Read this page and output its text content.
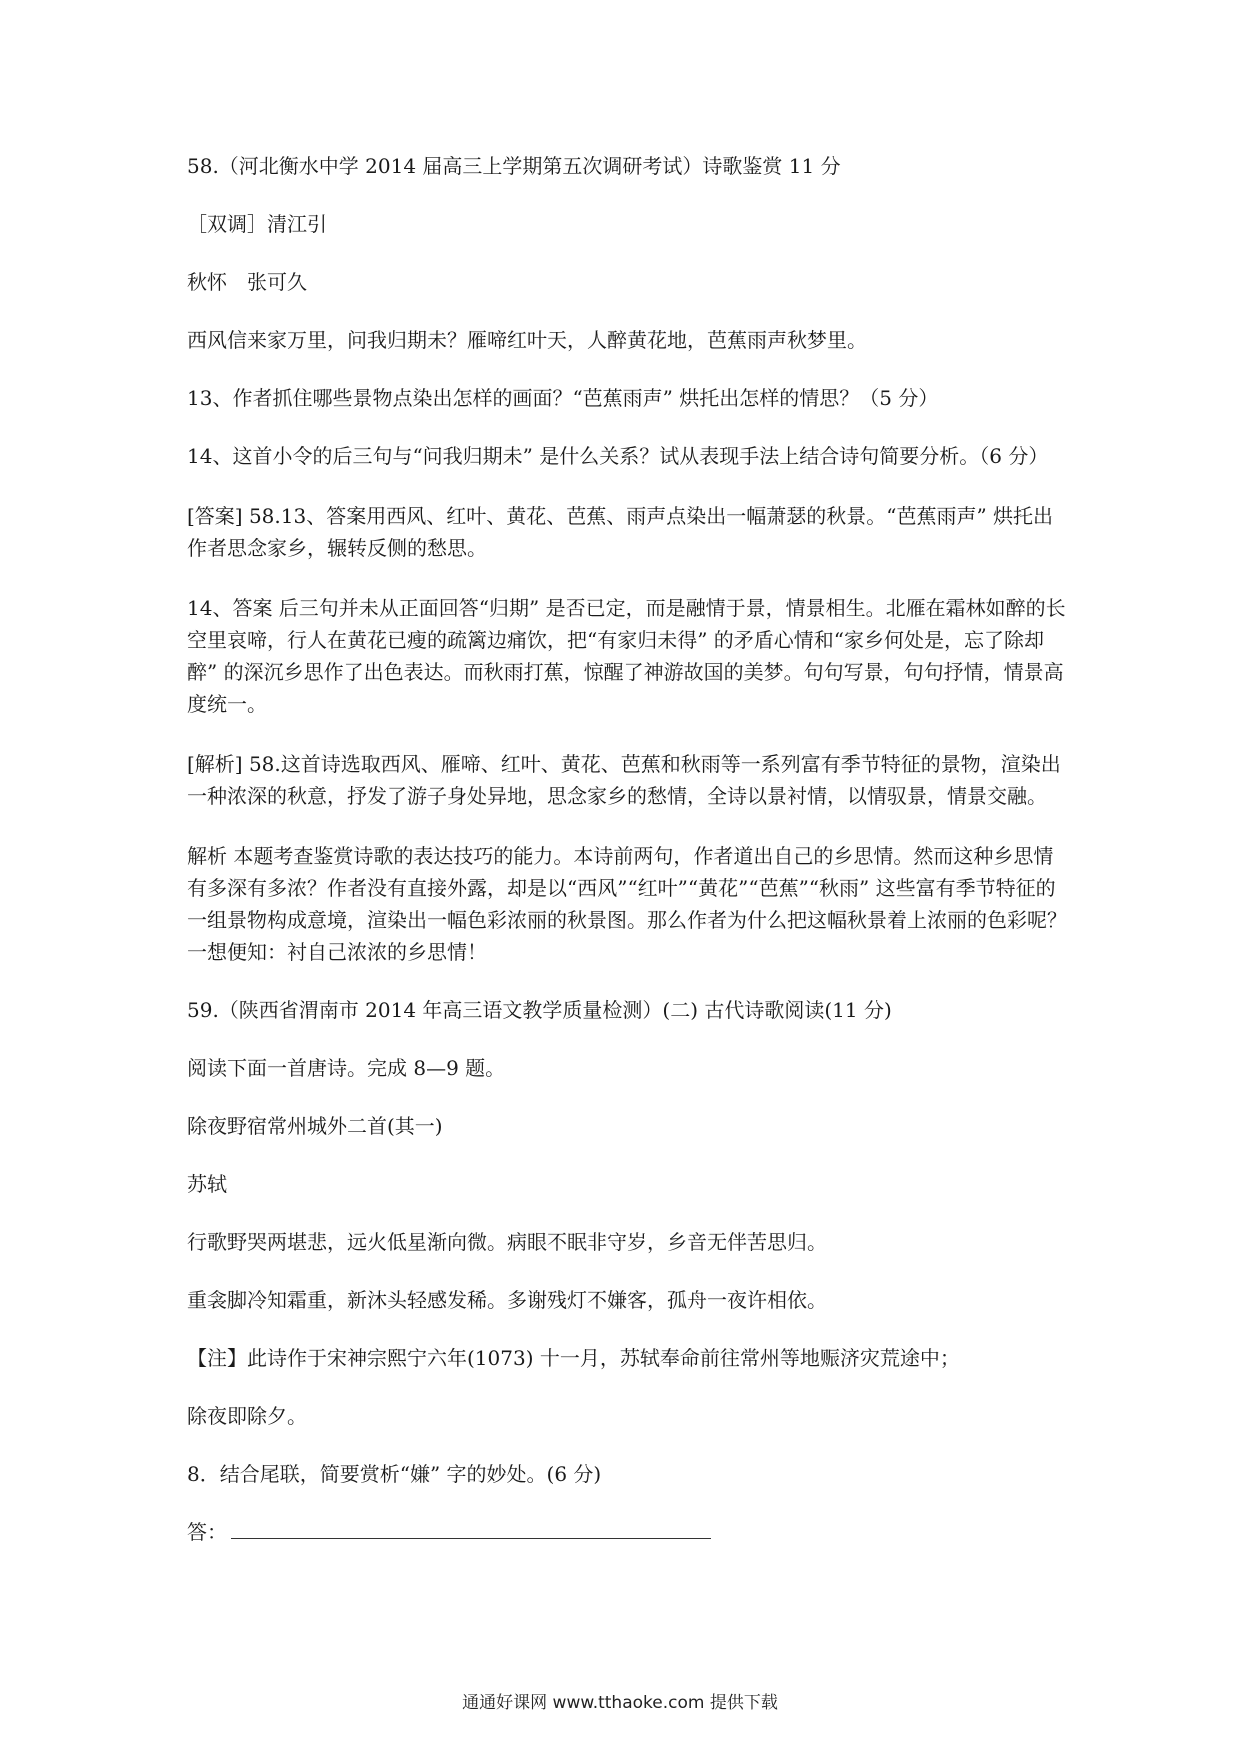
58.（河北衡水中学 2014 届高三上学期第五次调研考试）诗歌鉴赏 11 分

［双调］清江引

秋怀　张可久

西风信来家万里，问我归期未？雁啼红叶天，人醉黄花地，芭蕉雨声秋梦里。

13、作者抓住哪些景物点染出怎样的画面？“芭蕉雨声” 烘托出怎样的情思？（5 分）

14、这首小令的后三句与“问我归期未” 是什么关系？试从表现手法上结合诗句简要分析。（6 分）

[答案] 58.13、答案用西风、红叶、黄花、芭蕉、雨声点染出一幅萧瑟的秋景。“芭蕉雨声” 烘托出作者思念家乡，辗转反侧的愁思。

14、答案 后三句并未从正面回答“归期” 是否已定，而是融情于景，情景相生。北雁在霜林如醉的长空里哀啼，行人在黄花已瘦的疏篱边痛饮，把“有家归未得” 的矛盾心情和“家乡何处是，忘了除却醉” 的深沉乡思作了出色表达。而秋雨打蕉，惊醒了神游故国的美梦。句句写景，句句抒情，情景高度统一。

[解析] 58.这首诗选取西风、雁啼、红叶、黄花、芭蕉和秋雨等一系列富有季节特征的景物，渲染出一种浓深的秋意，抒发了游子身处异地，思念家乡的愁情，全诗以景衬情，以情驭景，情景交融。

解析 本题考查鉴赏诗歌的表达技巧的能力。本诗前两句，作者道出自己的乡思情。然而这种乡思情有多深有多浓？作者没有直接外露，却是以“西风”“红叶”“黄花”“芭蕉”“秋雨” 这些富有季节特征的一组景物构成意境，渲染出一幅色彩浓丽的秋景图。那么作者为什么把这幅秋景着上浓丽的色彩呢？一想便知：衬自己浓浓的乡思情！

59.（陕西省渭南市 2014 年高三语文教学质量检测）(二) 古代诗歌阅读(11 分)

阅读下面一首唐诗。完成 8—9 题。

除夜野宿常州城外二首(其一)

苏轼

行歌野哭两堪悲，远火低星渐向微。病眼不眠非守岁，乡音无伴苦思归。

重衾脚冷知霜重，新沐头轻感发稀。多谢残灯不嫌客，孤舟一夜许相依。

【注】此诗作于宋神宗熙宁六年(1073) 十一月，苏轼奉命前往常州等地赈济灾荒途中；

除夜即除夕。

8．结合尾联，简要赏析“嫌” 字的妙处。(6 分)

答：

通通好课网 www.tthaoke.com 提供下载
